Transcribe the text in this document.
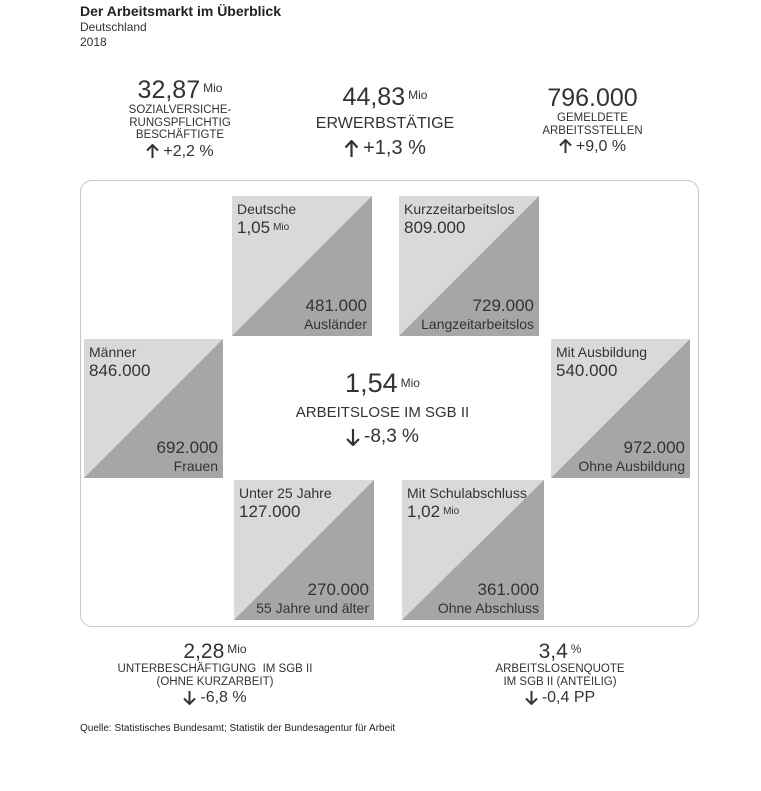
Der Arbeitsmarkt im Überblick
Deutschland
2018
32,87 $^{Mio}$
SOZIALVERSICHE-
RUNGSPFLICHTIG
BESCHÄFTIGTE
+2,2 %
44,83 $^{Mio}$
ERWERBSTÄTIGE
+1,3 %
796.000
GEMELDETE
ARBEITSSTELLEN
+9,0 %
Deutsche
1,05 $^{Mio}$
481.000
Ausländer
Kurzzeitarbeitslos
809.000
729.000
Langzeitarbeitslos
Männer
846.000
692.000
Frauen
Mit Ausbildung
540.000
972.000
Ohne Ausbildung
Unter 25 Jahre
127.000
270.000
55 Jahre und älter
Mit Schulabschluss
1,02 $^{Mio}$
361.000
Ohne Abschluss
1,54 $^{Mio}$
ARBEITSLOSE IM SGB II
-8,3 %
2,28 $^{Mio}$
UNTERBESCHÄFTIGUNG  IM SGB II
(OHNE KURZARBEIT)
-6,8 %
3,4 %
ARBEITSLOSENQUOTE
IM SGB II (ANTEILIG)
-0,4 PP
Quelle: Statistisches Bundesamt; Statistik der Bundesagentur für Arbeit
